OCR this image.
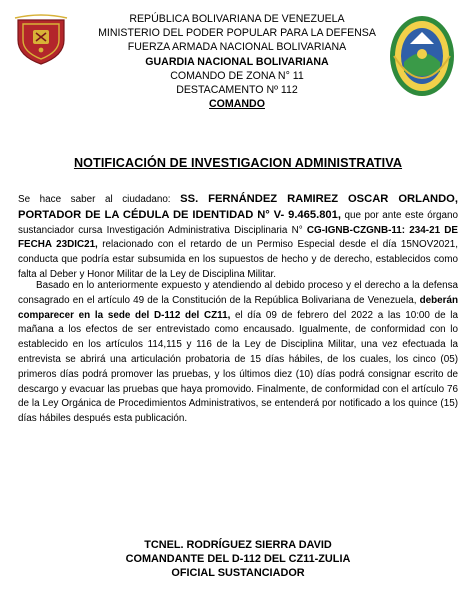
REPÚBLICA BOLIVARIANA DE VENEZUELA
MINISTERIO DEL PODER POPULAR PARA LA DEFENSA
FUERZA ARMADA NACIONAL BOLIVARIANA
GUARDIA NACIONAL BOLIVARIANA
COMANDO DE ZONA N° 11
DESTACAMENTO Nº 112
COMANDO
NOTIFICACIÓN DE INVESTIGACION ADMINISTRATIVA
Se hace saber al ciudadano: SS. FERNÁNDEZ RAMIREZ OSCAR ORLANDO, PORTADOR DE LA CÉDULA DE IDENTIDAD N° V- 9.465.801, que por ante este órgano sustanciador cursa Investigación Administrativa Disciplinaria N° CG-IGNB-CZGNB-11: 234-21 DE FECHA 23DIC21, relacionado con el retardo de un Permiso Especial desde el día 15NOV2021, conducta que podría estar subsumida en los supuestos de hecho y de derecho, establecidos como falta al Deber y Honor Militar de la Ley de Disciplina Militar.
Basado en lo anteriormente expuesto y atendiendo al debido proceso y el derecho a la defensa consagrado en el artículo 49 de la Constitución de la República Bolivariana de Venezuela, deberán comparecer en la sede del D-112 del CZ11, el día 09 de febrero del 2022 a las 10:00 de la mañana a los efectos de ser entrevistado como encausado. Igualmente, de conformidad con lo establecido en los artículos 114,115 y 116 de la Ley de Disciplina Militar, una vez efectuada la entrevista se abrirá una articulación probatoria de 15 días hábiles, de los cuales, los cinco (05) primeros días podrá promover las pruebas, y los últimos diez (10) días podrá consignar escrito de descargo y evacuar las pruebas que haya promovido. Finalmente, de conformidad con el artículo 76 de la Ley Orgánica de Procedimientos Administrativos, se entenderá por notificado a los quince (15) días hábiles después esta publicación.
TCNEL. RODRÍGUEZ SIERRA DAVID
COMANDANTE DEL D-112 DEL CZ11-ZULIA
OFICIAL SUSTANCIADOR
